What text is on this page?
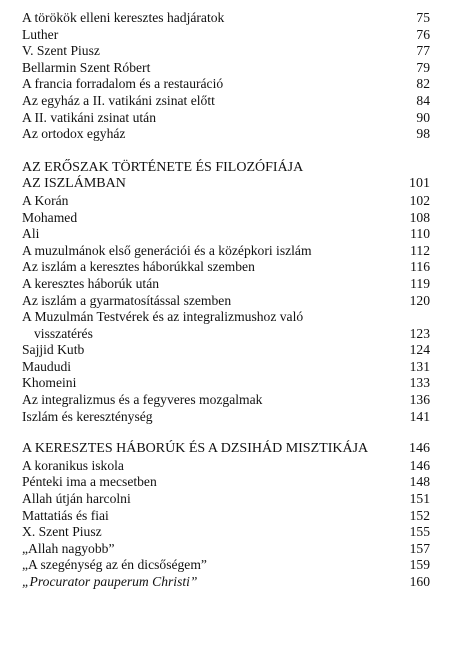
A törökök elleni keresztes hadjáratok	75
Luther	76
V. Szent Piusz	77
Bellarmin Szent Róbert	79
A francia forradalom és a restauráció	82
Az egyház a II. vatikáni zsinat előtt	84
A II. vatikáni zsinat után	90
Az ortodox egyház	98
AZ ERŐSZAK TÖRTÉNETE ÉS FILOZÓFIÁJA
AZ ISZLÁMBAN	101
A Korán	102
Mohamed	108
Ali	110
A muzulmánok első generációi és a középkori iszlám	112
Az iszlám a keresztes háborúkkal szemben	116
A keresztes háborúk után	119
Az iszlám a gyarmatosítással szemben	120
A Muzulmán Testvérek és az integralizmushoz való
visszatérés	123
Sajjid Kutb	124
Maududi	131
Khomeini	133
Az integralizmus és a fegyveres mozgalmak	136
Iszlám és kereszténység	141
A KERESZTES HÁBORÚK ÉS A DZSIHÁD MISZTIKÁJA	146
A koranikus iskola	146
Pénteki ima a mecsetben	148
Allah útján harcolni	151
Mattatiás és fiai	152
X. Szent Piusz	155
„Allah nagyobb”	157
„A szegénység az én dicsőségem”	159
„Procurator pauperum Christi”	160
